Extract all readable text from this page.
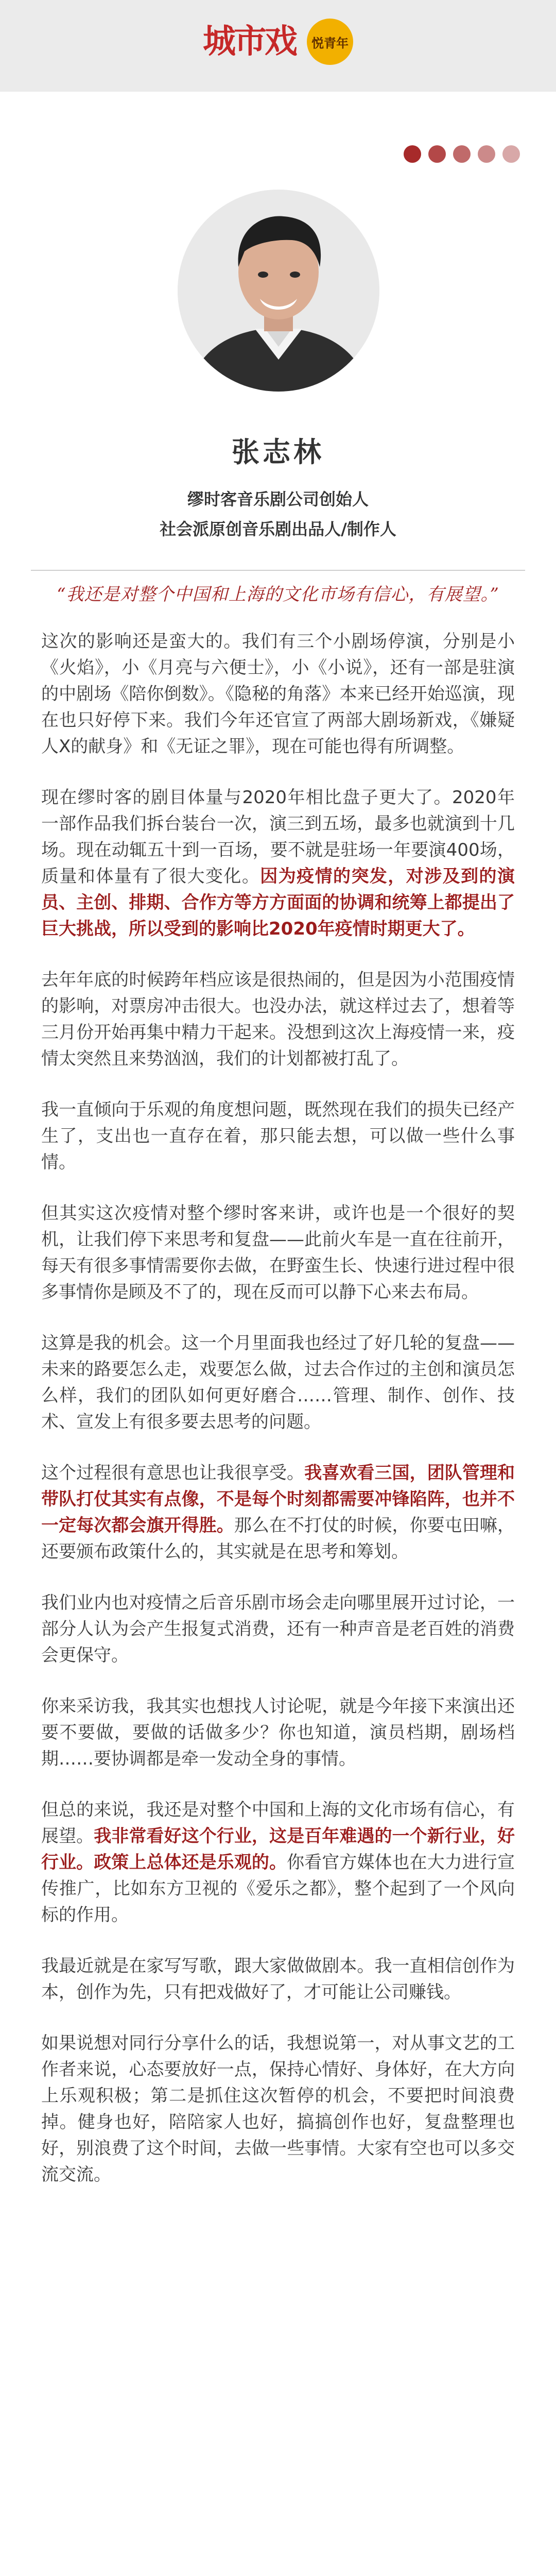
城市戏	悦青年
张志林
缪时客音乐剧公司创始人
社会派原创音乐剧出品人/制作人
“我还是对整个中国和上海的文化市场有信心，有展望。”

这次的影响还是蛮大的。我们有三个小剧场停演，分别是小《火焰》，小《月亮与六便士》，小《小说》，还有一部是驻演的中剧场《陪你倒数》。《隐秘的角落》本来已经开始巡演，现在也只好停下来。我们今年还官宣了两部大剧场新戏，《嫌疑人X的献身》和《无证之罪》，现在可能也得有所调整。

现在缪时客的剧目体量与2020年相比盘子更大了。2020年一部作品我们拆台装台一次，演三到五场，最多也就演到十几场。现在动辄五十到一百场，要不就是驻场一年要演400场，质量和体量有了很大变化。因为疫情的突发，对涉及到的演员、主创、排期、合作方等方方面面的协调和统筹上都提出了巨大挑战，所以受到的影响比2020年疫情时期更大了。

去年年底的时候跨年档应该是很热闹的，但是因为小范围疫情的影响，对票房冲击很大。也没办法，就这样过去了，想着等三月份开始再集中精力干起来。没想到这次上海疫情一来，疫情太突然且来势汹汹，我们的计划都被打乱了。

我一直倾向于乐观的角度想问题，既然现在我们的损失已经产生了，支出也一直存在着，那只能去想，可以做一些什么事情。

但其实这次疫情对整个缪时客来讲，或许也是一个很好的契机，让我们停下来思考和复盘——此前火车是一直在往前开，每天有很多事情需要你去做，在野蛮生长、快速行进过程中很多事情你是顾及不了的，现在反而可以静下心来去布局。

这算是我的机会。这一个月里面我也经过了好几轮的复盘——未来的路要怎么走，戏要怎么做，过去合作过的主创和演员怎么样，我们的团队如何更好磨合……管理、制作、创作、技术、宣发上有很多要去思考的问题。

这个过程很有意思也让我很享受。我喜欢看三国，团队管理和带队打仗其实有点像，不是每个时刻都需要冲锋陷阵，也并不一定每次都会旗开得胜。那么在不打仗的时候，你要屯田嘛，还要颁布政策什么的，其实就是在思考和筹划。

我们业内也对疫情之后音乐剧市场会走向哪里展开过讨论，一部分人认为会产生报复式消费，还有一种声音是老百姓的消费会更保守。

你来采访我，我其实也想找人讨论呢，就是今年接下来演出还要不要做，要做的话做多少？你也知道，演员档期，剧场档期……要协调都是牵一发动全身的事情。

但总的来说，我还是对整个中国和上海的文化市场有信心，有展望。我非常看好这个行业，这是百年难遇的一个新行业，好行业。政策上总体还是乐观的。你看官方媒体也在大力进行宣传推广，比如东方卫视的《爱乐之都》，整个起到了一个风向标的作用。

我最近就是在家写写歌，跟大家做做剧本。我一直相信创作为本，创作为先，只有把戏做好了，才可能让公司赚钱。

如果说想对同行分享什么的话，我想说第一，对从事文艺的工作者来说，心态要放好一点，保持心情好、身体好，在大方向上乐观积极；第二是抓住这次暂停的机会，不要把时间浪费掉。健身也好，陪陪家人也好，搞搞创作也好，复盘整理也好，别浪费了这个时间，去做一些事情。大家有空也可以多交流交流。
